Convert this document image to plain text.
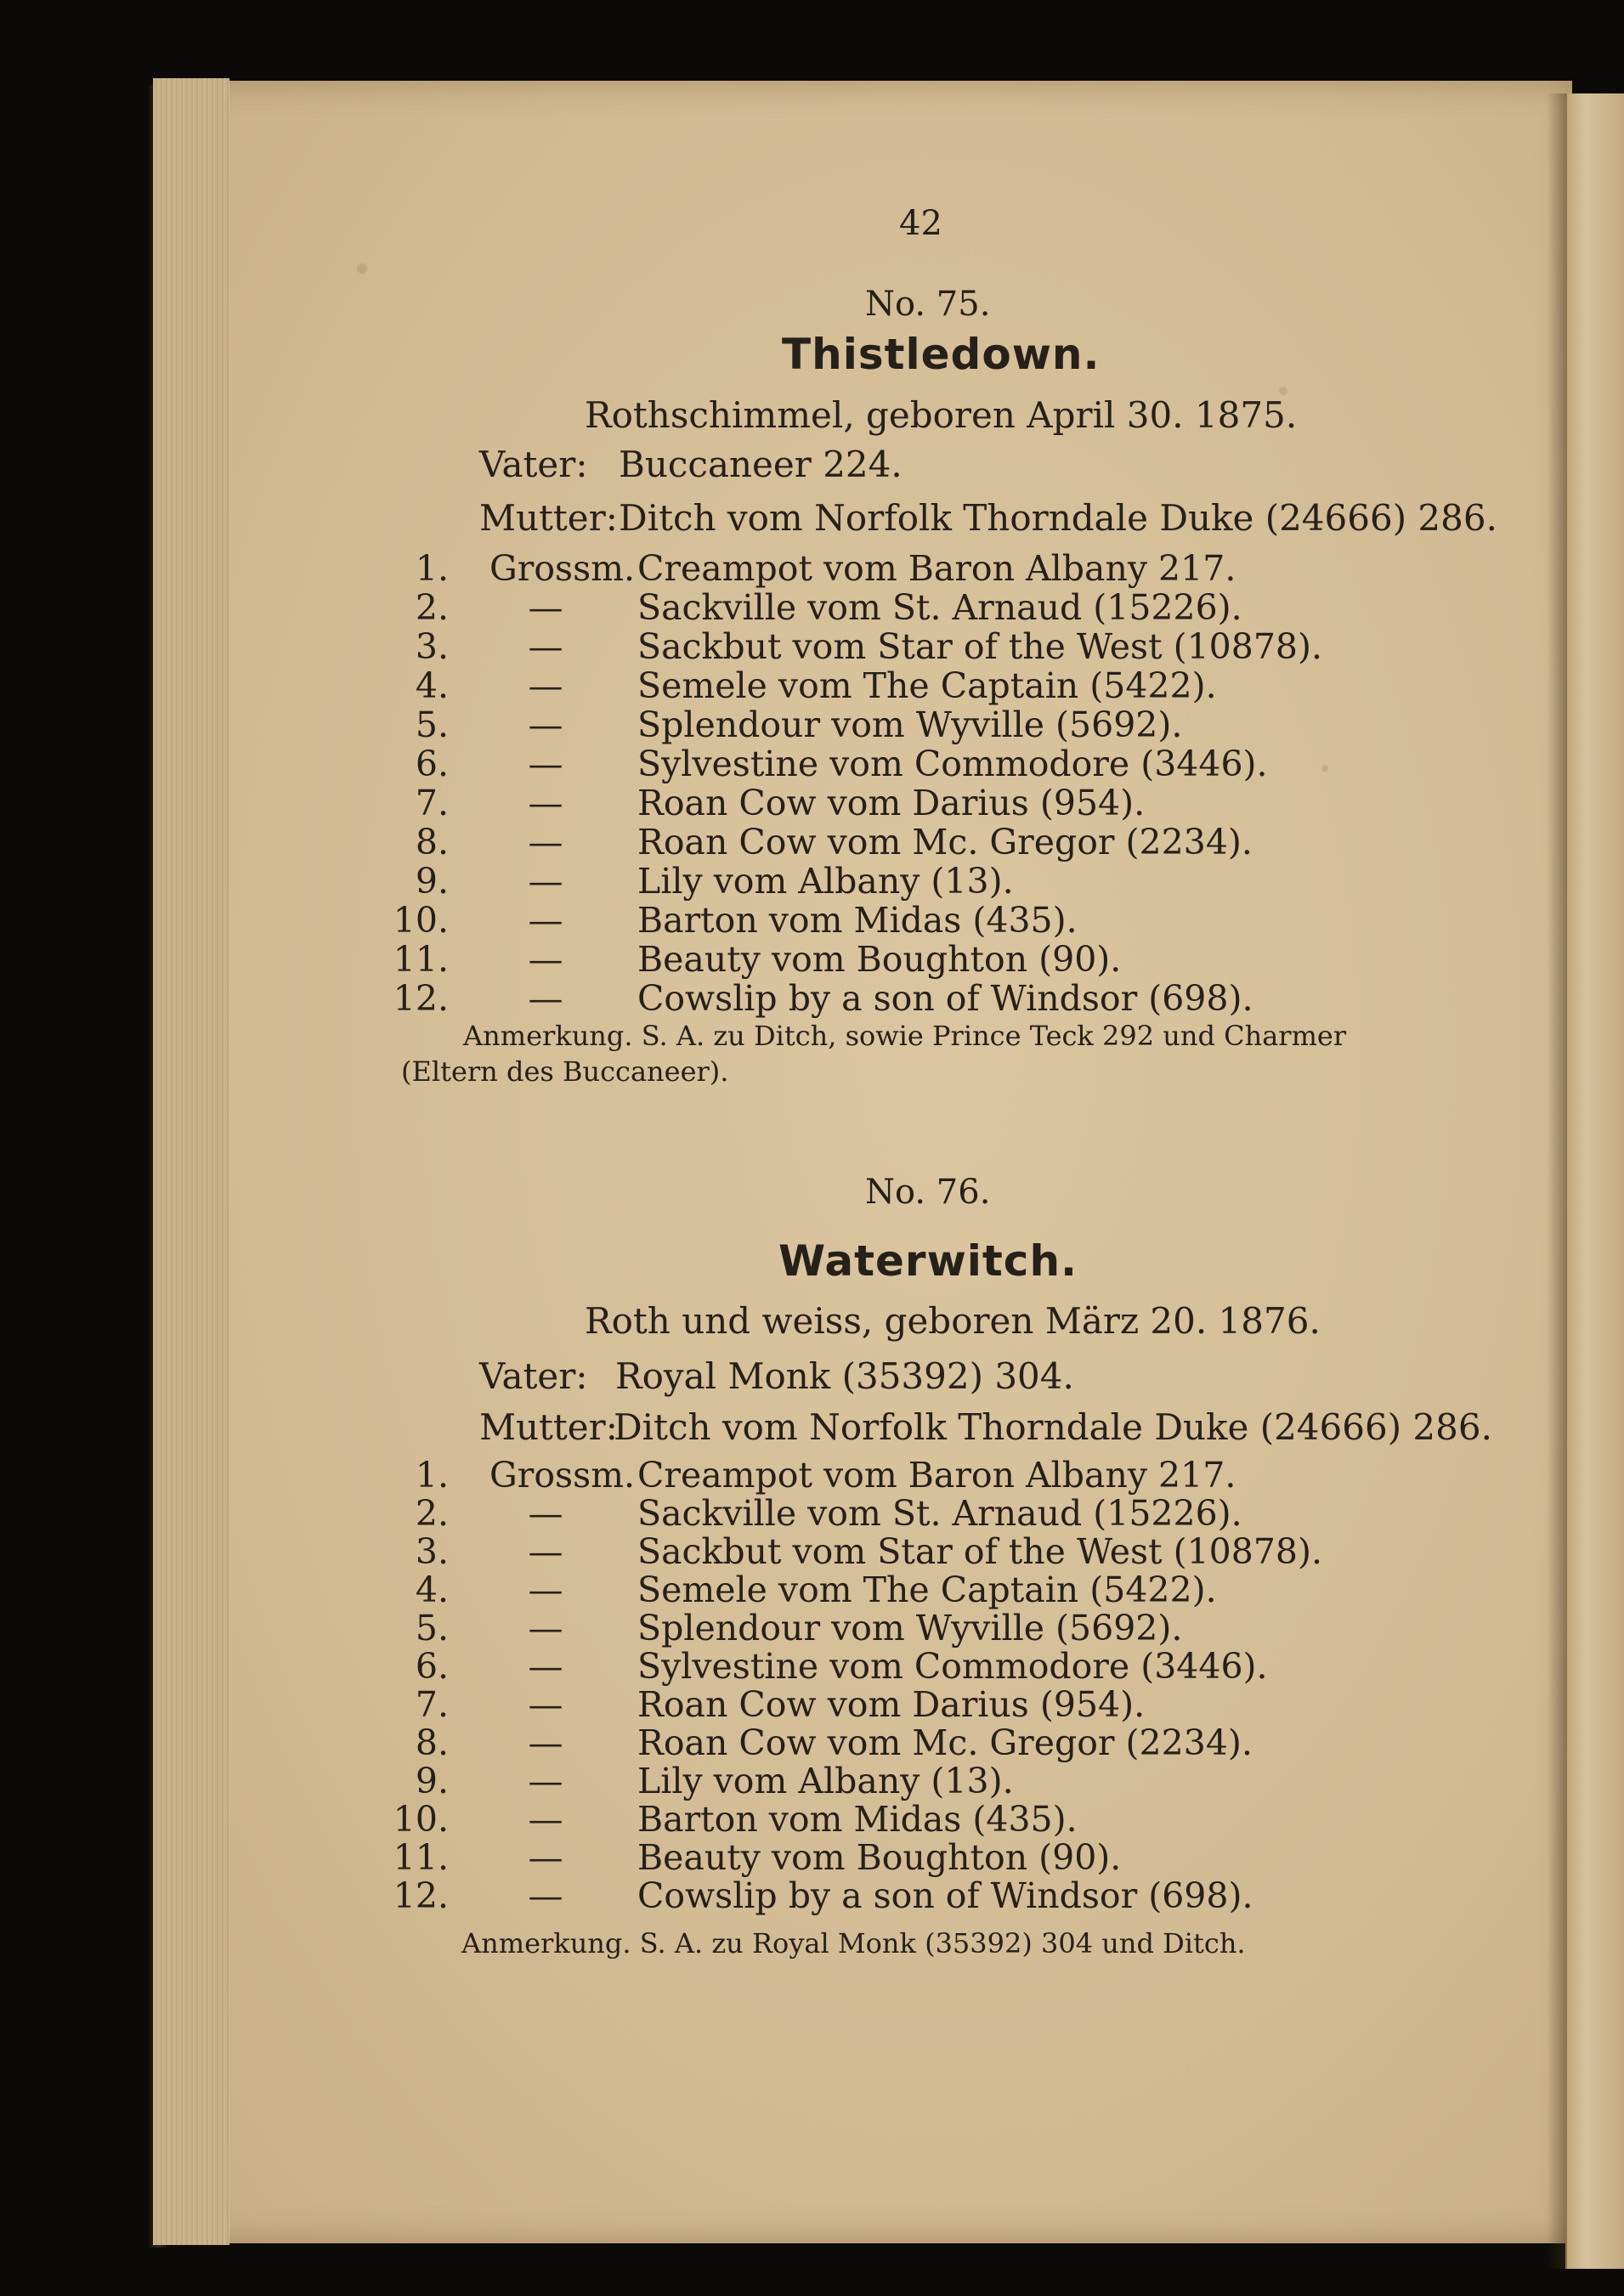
42
No. 75.
Thistledown.
Rothschimmel, geboren April 30. 1875.
Vater: Buccaneer 224.
Mutter: Ditch vom Norfolk Thorndale Duke (24666) 286.
1. Grossm. Creampot vom Baron Albany 217.
2.	—	Sackville vom St. Arnaud (15226).
3.	—	Sackbut vom Star of the West (10878).
4.	—	Semele vom The Captain (5422).
5.	—	Splendour vom Wyville (5692).
6.	—	Sylvestine vom Commodore (3446).
7.	—	Roan Cow vom Darius (954).
8.	—	Roan Cow vom Mc. Gregor (2234).
9.	—	Lily vom Albany (13).
10.	—	Barton vom Midas (435).
11.	—	Beauty vom Boughton (90).
12.	—	Cowslip by a son of Windsor (698).
Anmerkung. S. A. zu Ditch, sowie Prince Teck 292 und Charmer
(Eltern des Buccaneer).
No. 76.
Waterwitch.
Roth und weiss, geboren März 20. 1876.
Vater: Royal Monk (35392) 304.
Mutter:
Ditch vom Norfolk Thorndale Duke (24666) 286.
1. Grossm. Creampot vom Baron Albany 217.
2.	—	Sackville vom St. Arnaud (15226).
3.	—	Sackbut vom Star of the West (10878).
4.	—	Semele vom The Captain (5422).
5.	—	Splendour vom Wyville (5692).
6.	—	Sylvestine vom Commodore (3446).
7.	—	Roan Cow vom Darius (954).
8.	—	Roan Cow vom Mc. Gregor (2234).
9.	—	Lily vom Albany (13).
10.	—	Barton vom Midas (435).
11.	—	Beauty vom Boughton (90).
12.	—	Cowslip by a son of Windsor (698).
Anmerkung. S. A. zu Royal Monk (35392) 304 und Ditch.
